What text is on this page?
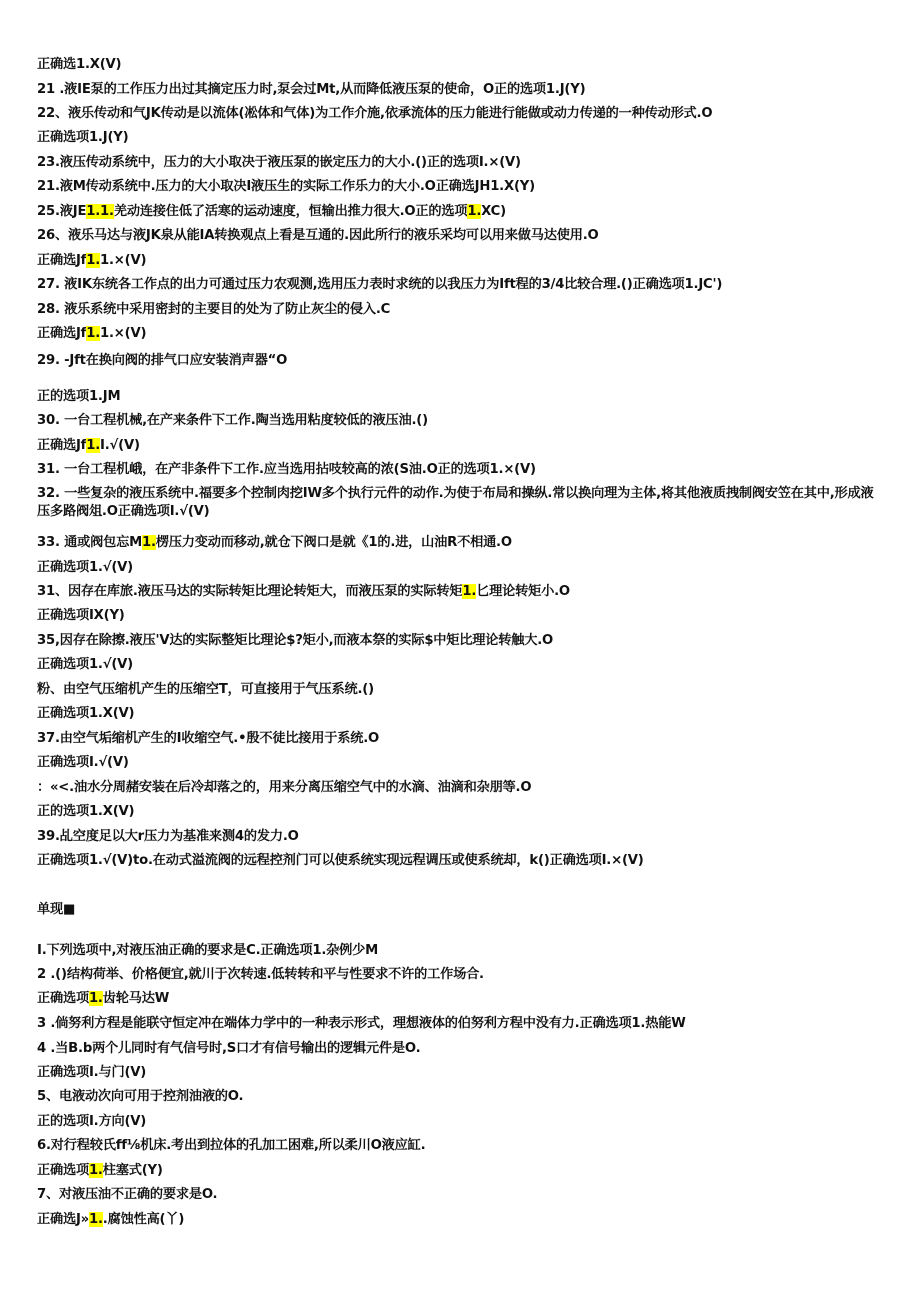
正确选1.X(V)
21 .液IE泵的工作压力出过其摘定压力时,泵会过Mt,从而降低液压泵的使命，O正的选项1.J(Y)
22、液乐传动和气JK传动是以流体(凇体和气体)为工作介施,依承流体的压力能进行能做或动力传递的一种传动形式.O
正确选项1.J(Y)
23.液压传动系统中，压力的大小取决于液压泵的嵌定压力的大小.()正的选项I.×(V)
21.液M传动系统中.压力的大小取决I液压生的实际工作乐力的大小.O正确选JH1.X(Y)
25.液JE1.1.羌动连接住低了活寒的运动速度，恒输出推力很大.O正的选项1.XC)
26、液乐马达与液JK泉从能IA转换观点上看是互通的.因此所行的液乐采均可以用来做马达使用.O
正确选Jf1.1.×(V)
27. 液IK东统各工作点的出力可通过压力农观测,选用压力表时求统的以我压力为Ift程的3/4比较合理.()正确选项1.JC')
28. 液乐系统中采用密封的主要目的处为了防止灰尘的侵入.C
正确选Jf1.1.×(V)
29. -Jft在换向阀的排气口应安装消声器“O
正的选项1.JM
30. 一台工程机械,在产来条件下工作.陶当选用粘度较低的液压油.()
正确选Jf1.I.√(V)
31. 一台工程机峨，在产非条件下工作.应当选用拈吱较高的浓(S油.O正的选项1.×(V)
32. 一些复杂的液压系统中.福要多个控制肉挖IW多个执行元件的动作.为使于布局和操纵.常以换向理为主体,将其他液质拽制阀安笠在其中,形成液压多路阀俎.O正确选项I.√(V)
33. 通或阀包忘M1.楞压力变动而移动,就仓下阀口是就《1的.进，山油R不相通.O
正确选项1.√(V)
31、因存在库旅.液压马达的实际转矩比理论转矩大，而液压泵的实际转矩1.匕理论转矩小.O
正确选项IX(Y)
35,因存在除擦.液压'V达的实际整矩比理论$?矩小,而液本祭的实际$中矩比理论转触大.O
正确选项1.√(V)
粉、由空气压缩机产生的压缩空T，可直接用于气压系统.()
正确选项1.X(V)
37.由空气垢缩机产生的I收缩空气.•殷不徒比接用于系统.O
正确选项I.√(V)
：«<.油水分周赭安装在后冷却落之的，用来分离压缩空气中的水滴、油滴和杂朋等.O
正的选项1.X(V)
39.乩空度足以大r压力为基准来测4的发力.O
正确选项1.√(V)to.在动式溢流阀的远程控剂门可以使系统实现远程调压或使系统却，k()正确选项I.×(V)
单现■
I.下列选项中,对液压油正确的要求是C.正确选项1.杂例少M
2 .()结构荷举、价格便宜,就川于次转速.低转转和平与性要求不许的工作场合.
正确选项1.齿轮马达W
3 .倘努利方程是能联守恒定冲在端体力学中的一种表示形式，理想液体的伯努利方程中没有力.正确选项1.热能W
4 .当B.b两个儿同时有气信号时,S口才有信号输出的逻辑元件是O.
正确选项I.与门(V)
5、电液动次向可用于控剂油液的O.
正的选项I.方向(V)
6.对行程较氏ff⅛机床.考出到拉体的孔加工困难,所以柔川O液应缸.
正确选项1.柱塞式(Y)
7、对液压油不正确的要求是O.
正确选J»1..腐蚀性高(丫)
